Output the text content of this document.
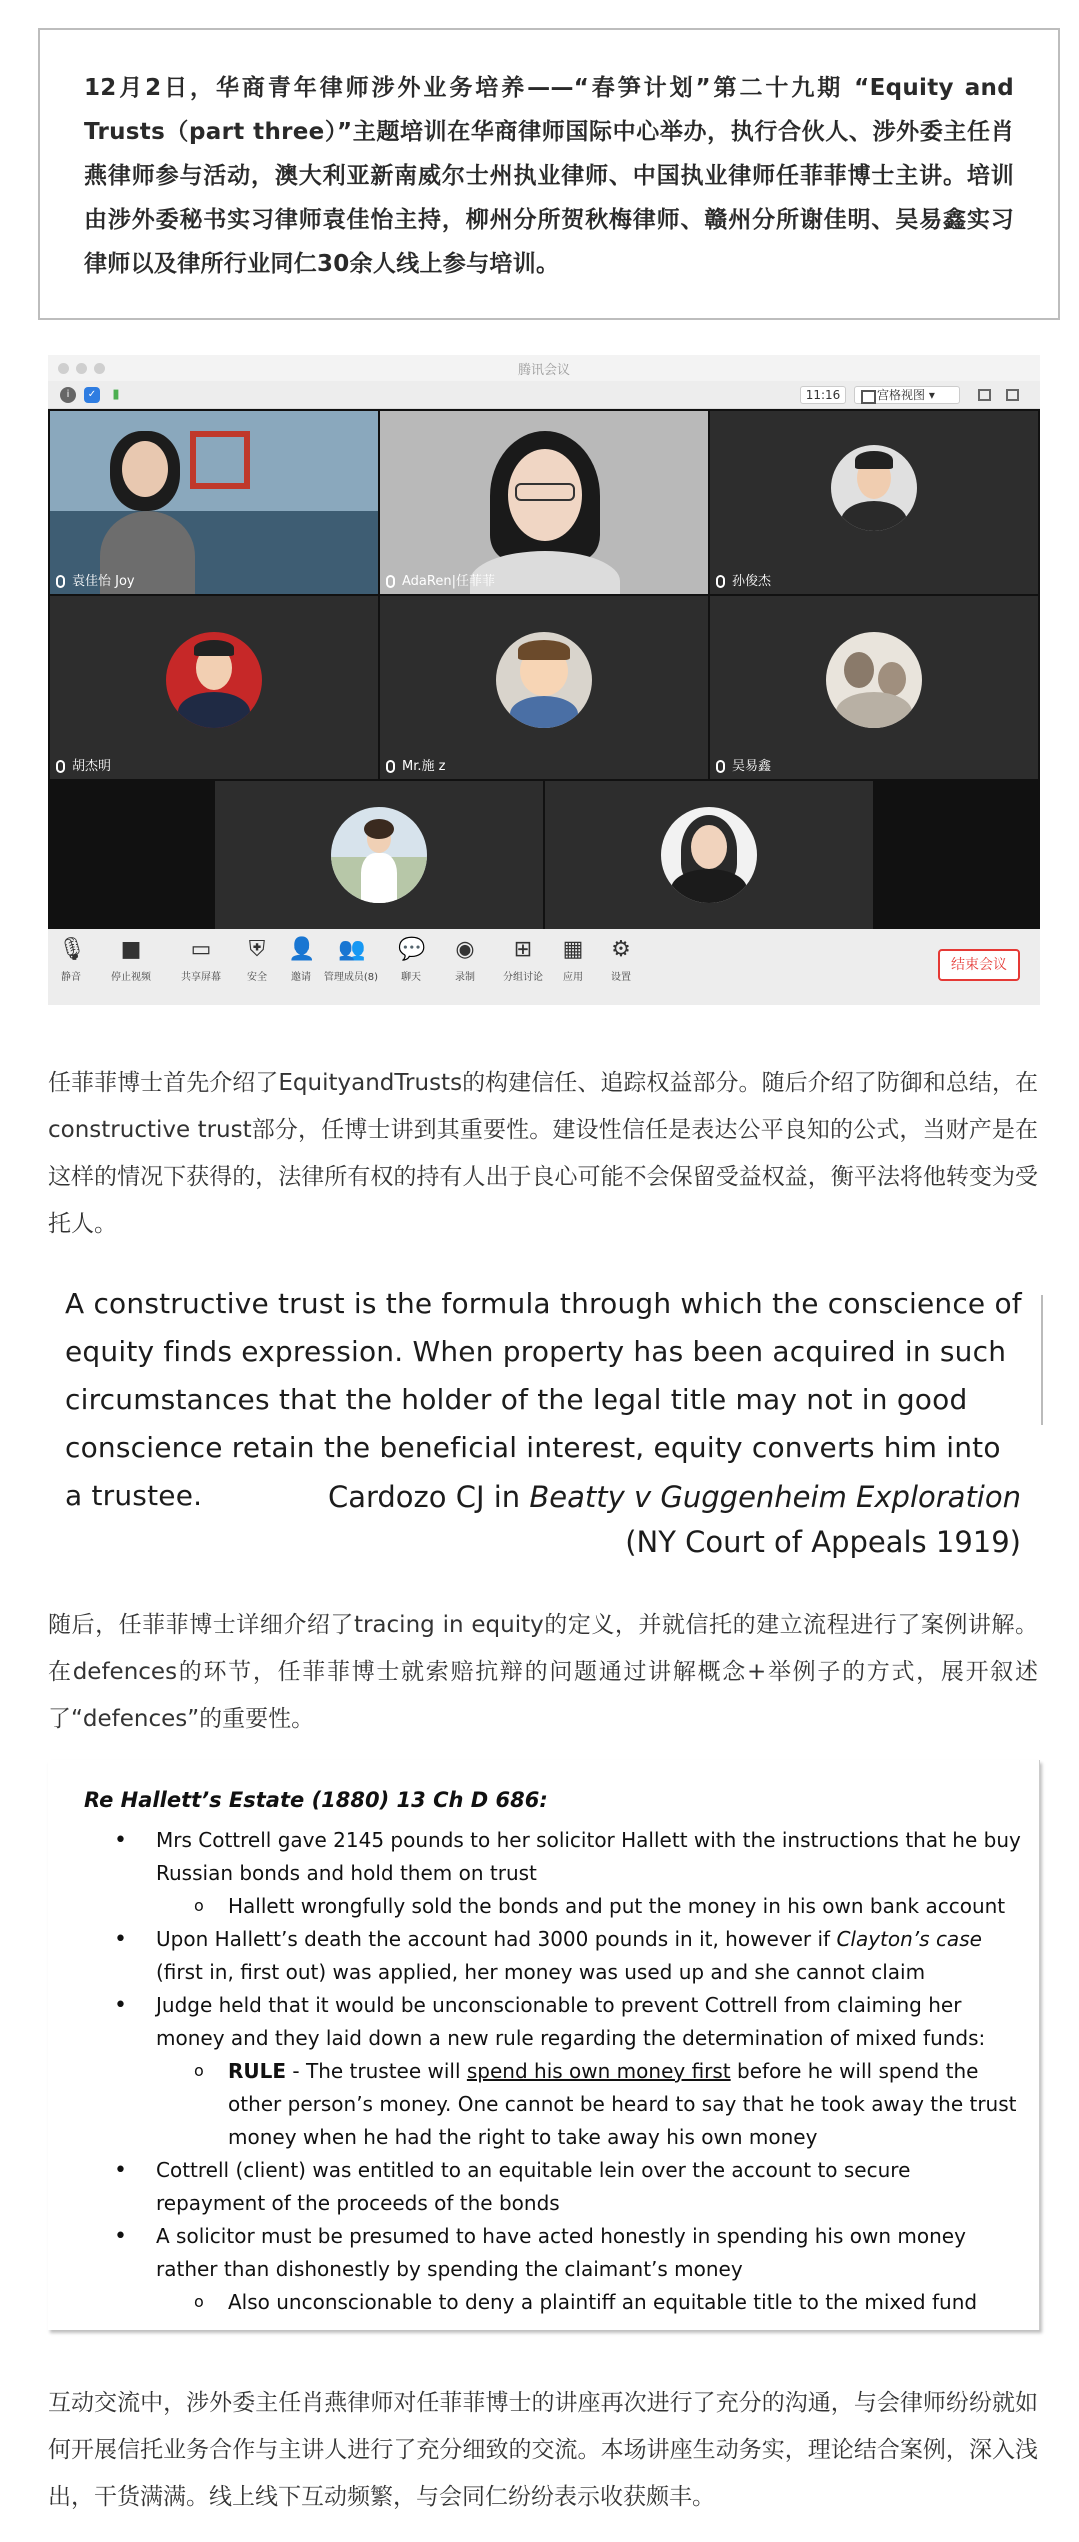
12月2日，华商青年律师涉外业务培养——“春笋计划”第二十九期 “Equity and Trusts（part three）”主题培训在华商律师国际中心举办，执行合伙人、涉外委主任肖燕律师参与活动，澳大利亚新南威尔士州执业律师、中国执业律师任菲菲博士主讲。培训由涉外委秘书实习律师袁佳怡主持，柳州分所贺秋梅律师、赣州分所谢佳明、吴易鑫实习律师以及律所行业同仁30余人线上参与培训。

腾讯会议
i	✓	▮	11:16	宫格视图 ▾
袁佳怡 Joy	AdaRen|任菲菲	孙俊杰
胡杰明	Mr.施 z	吴易鑫
🎙
静音
■
停止视频
▭
共享屏幕
⛨
安全
👤
邀请
👥
管理成员(8)
💬
聊天
◉
录制
⊞
分组讨论
▦
应用
⚙
设置
结束会议

任菲菲博士首先介绍了EquityandTrusts的构建信任、追踪权益部分。随后介绍了防御和总结，在constructive trust部分，任博士讲到其重要性。建设性信任是表达公平良知的公式，当财产是在这样的情况下获得的，法律所有权的持有人出于良心可能不会保留受益权益，衡平法将他转变为受托人。

A constructive trust is the formula through which the conscience of equity finds expression. When property has been acquired in such circumstances that the holder of the legal title may not in good conscience retain the beneficial interest, equity converts him into a trustee.	Cardozo CJ in Beatty v Guggenheim Exploration
(NY Court of Appeals 1919)

随后，任菲菲博士详细介绍了tracing in equity的定义，并就信托的建立流程进行了案例讲解。在defences的环节，任菲菲博士就索赔抗辩的问题通过讲解概念+举例子的方式，展开叙述了“defences”的重要性。

Re Hallett’s Estate (1880) 13 Ch D 686:
• Mrs Cottrell gave 2145 pounds to her solicitor Hallett with the instructions that he buy Russian bonds and hold them on trust
o Hallett wrongfully sold the bonds and put the money in his own bank account
• Upon Hallett’s death the account had 3000 pounds in it, however if Clayton’s case (first in, first out) was applied, her money was used up and she cannot claim
• Judge held that it would be unconscionable to prevent Cottrell from claiming her money and they laid down a new rule regarding the determination of mixed funds:
o RULE - The trustee will spend his own money first before he will spend the other person’s money. One cannot be heard to say that he took away the trust money when he had the right to take away his own money
• Cottrell (client) was entitled to an equitable lein over the account to secure repayment of the proceeds of the bonds
• A solicitor must be presumed to have acted honestly in spending his own money rather than dishonestly by spending the claimant’s money
o Also unconscionable to deny a plaintiff an equitable title to the mixed fund

互动交流中，涉外委主任肖燕律师对任菲菲博士的讲座再次进行了充分的沟通，与会律师纷纷就如何开展信托业务合作与主讲人进行了充分细致的交流。本场讲座生动务实，理论结合案例，深入浅出，干货满满。线上线下互动频繁，与会同仁纷纷表示收获颇丰。
